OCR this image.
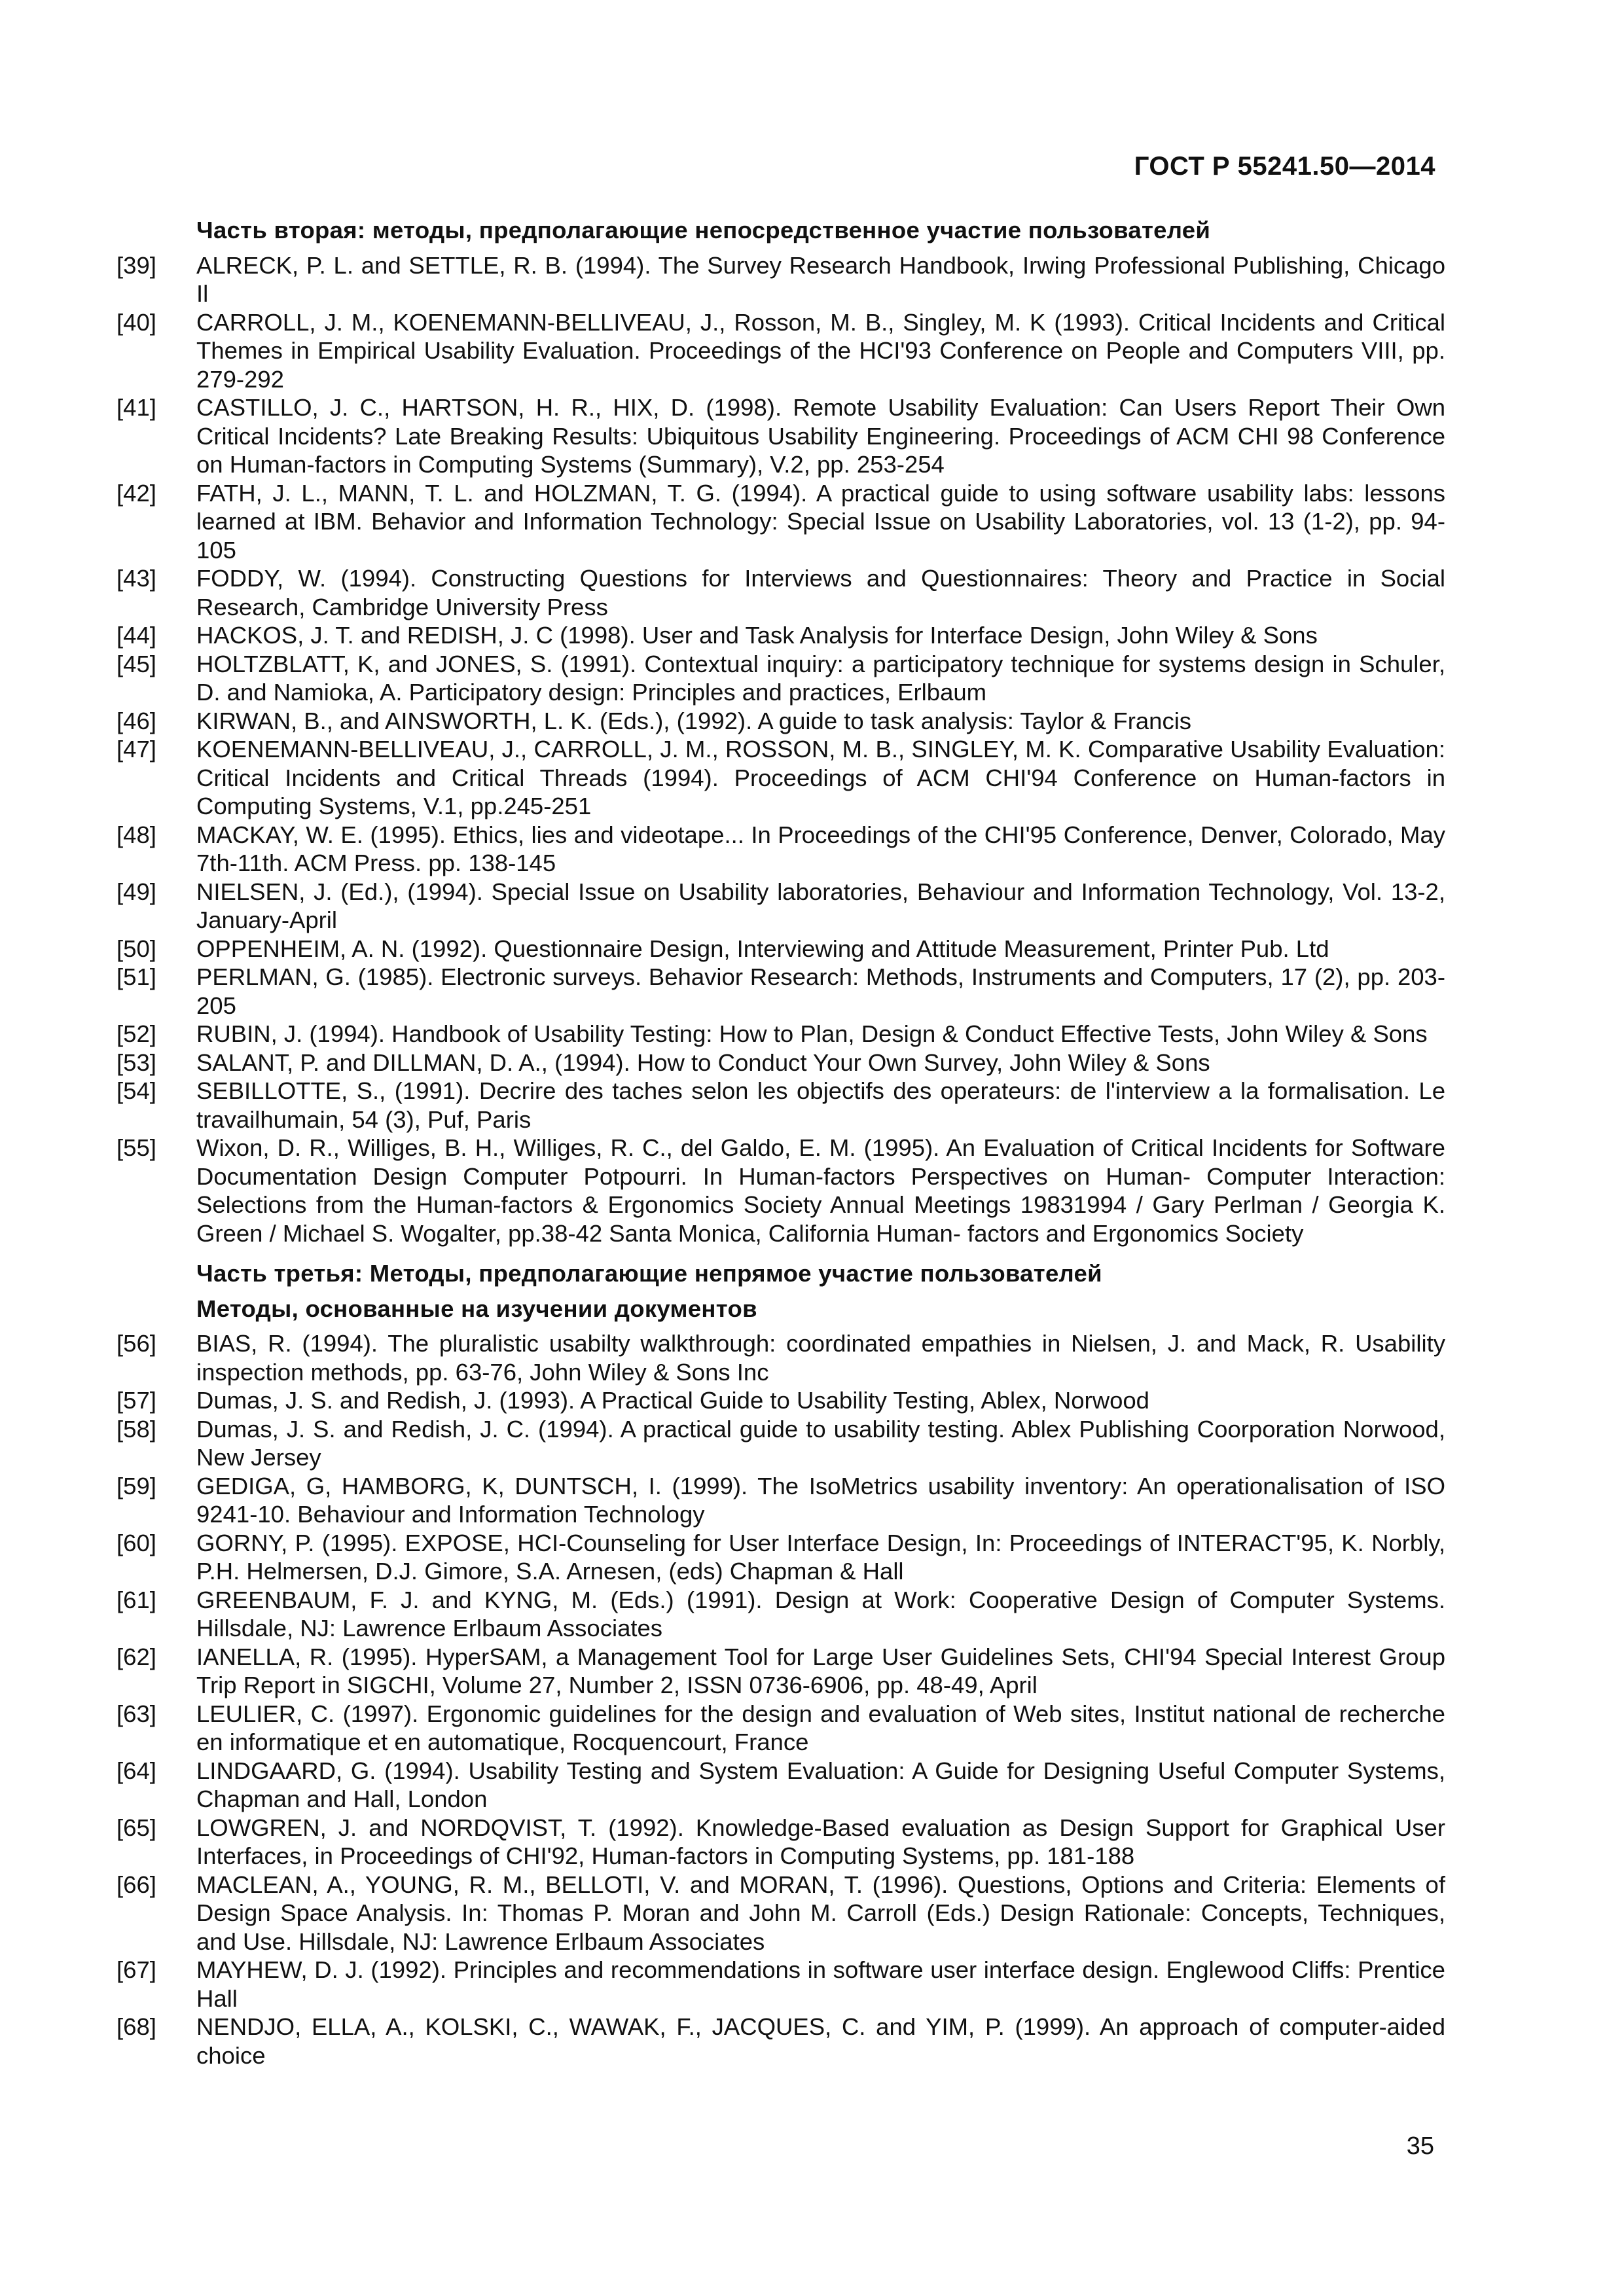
ГОСТ Р 55241.50—2014
Часть вторая: методы, предполагающие непосредственное участие пользователей
[39]	ALRECK, P. L. and SETTLE, R. B. (1994). The Survey Research Handbook, Irwing Professional Publishing, Chicago Il
[40]	CARROLL, J. M., KOENEMANN-BELLIVEAU, J., Rosson, M. B., Singley, M. K (1993). Critical Incidents and Critical Themes in Empirical Usability Evaluation. Proceedings of the HCI'93 Conference on People and Computers VIII, pp. 279-292
[41]	CASTILLO, J. C., HARTSON, H. R., HIX, D. (1998). Remote Usability Evaluation: Can Users Report Their Own Critical Incidents? Late Breaking Results: Ubiquitous Usability Engineering. Proceedings of ACM CHI 98 Conference on Human-factors in Computing Systems (Summary), V.2, pp. 253-254
[42]	FATH, J. L., MANN, T. L. and HOLZMAN, T. G. (1994). A practical guide to using software usability labs: lessons learned at IBM. Behavior and Information Technology: Special Issue on Usability Laboratories, vol. 13 (1-2), pp. 94-105
[43]	FODDY, W. (1994). Constructing Questions for Interviews and Questionnaires: Theory and Practice in Social Research, Cambridge University Press
[44]	HACKOS, J. T. and REDISH, J. C (1998). User and Task Analysis for Interface Design, John Wiley & Sons
[45]	HOLTZBLATT, K, and JONES, S. (1991). Contextual inquiry: a participatory technique for systems design in Schuler, D. and Namioka, A. Participatory design: Principles and practices, Erlbaum
[46]	KIRWAN, B., and AINSWORTH, L. K. (Eds.), (1992). A guide to task analysis: Taylor & Francis
[47]	KOENEMANN-BELLIVEAU, J., CARROLL, J. M., ROSSON, M. B., SINGLEY, M. K. Comparative Usability Evaluation: Critical Incidents and Critical Threads (1994). Proceedings of ACM CHI'94 Conference on Human-factors in Computing Systems, V.1, pp.245-251
[48]	MACKAY, W. E. (1995). Ethics, lies and videotape... In Proceedings of the CHI'95 Conference, Denver, Colorado, May 7th-11th. ACM Press. pp. 138-145
[49]	NIELSEN, J. (Ed.), (1994). Special Issue on Usability laboratories, Behaviour and Information Technology, Vol. 13-2, January-April
[50]	OPPENHEIM, A. N. (1992). Questionnaire Design, Interviewing and Attitude Measurement, Printer Pub. Ltd
[51]	PERLMAN, G. (1985). Electronic surveys. Behavior Research: Methods, Instruments and Computers, 17 (2), pp. 203-205
[52]	RUBIN, J. (1994). Handbook of Usability Testing: How to Plan, Design & Conduct Effective Tests, John Wiley & Sons
[53]	SALANT, P. and DILLMAN, D. A., (1994). How to Conduct Your Own Survey, John Wiley & Sons
[54]	SEBILLOTTE, S., (1991). Decrire des taches selon les objectifs des operateurs: de l'interview a la formalisation. Le travailhumain, 54 (3), Puf, Paris
[55]	Wixon, D. R., Williges, B. H., Williges, R. C., del Galdo, E. M. (1995). An Evaluation of Critical Incidents for Software Documentation Design Computer Potpourri. In Human-factors Perspectives on Human- Computer Interaction: Selections from the Human-factors & Ergonomics Society Annual Meetings 19831994 / Gary Perlman / Georgia K. Green / Michael S. Wogalter, pp.38-42 Santa Monica, California Human- factors and Ergonomics Society
Часть третья: Методы, предполагающие непрямое участие пользователей
Методы, основанные на изучении документов
[56]	BIAS, R. (1994). The pluralistic usabilty walkthrough: coordinated empathies in Nielsen, J. and Mack, R. Usability inspection methods, pp. 63-76, John Wiley & Sons Inc
[57]	Dumas, J. S. and Redish, J. (1993). A Practical Guide to Usability Testing, Ablex, Norwood
[58]	Dumas, J. S. and Redish, J. C. (1994). A practical guide to usability testing. Ablex Publishing Coorporation Norwood, New Jersey
[59]	GEDIGA, G, HAMBORG, K, DUNTSCH, I. (1999). The IsoMetrics usability inventory: An operationalisation of ISO 9241-10. Behaviour and Information Technology
[60]	GORNY, P. (1995). EXPOSE, HCI-Counseling for User Interface Design, In: Proceedings of INTERACT'95, K. Norbly, P.H. Helmersen, D.J. Gimore, S.A. Arnesen, (eds) Chapman & Hall
[61]	GREENBAUM, F. J. and KYNG, M. (Eds.) (1991). Design at Work: Cooperative Design of Computer Systems. Hillsdale, NJ: Lawrence Erlbaum Associates
[62]	IANELLA, R. (1995). HyperSAM, a Management Tool for Large User Guidelines Sets, CHI'94 Special Interest Group Trip Report in SIGCHI, Volume 27, Number 2, ISSN 0736-6906, pp. 48-49, April
[63]	LEULIER, C. (1997). Ergonomic guidelines for the design and evaluation of Web sites, Institut national de recherche en informatique et en automatique, Rocquencourt, France
[64]	LINDGAARD, G. (1994). Usability Testing and System Evaluation: A Guide for Designing Useful Computer Systems, Chapman and Hall, London
[65]	LOWGREN, J. and NORDQVIST, T. (1992). Knowledge-Based evaluation as Design Support for Graphical User Interfaces, in Proceedings of CHI'92, Human-factors in Computing Systems, pp. 181-188
[66]	MACLEAN, A., YOUNG, R. M., BELLOTI, V. and MORAN, T. (1996). Questions, Options and Criteria: Elements of Design Space Analysis. In: Thomas P. Moran and John M. Carroll (Eds.) Design Rationale: Concepts, Techniques, and Use. Hillsdale, NJ: Lawrence Erlbaum Associates
[67]	MAYHEW, D. J. (1992). Principles and recommendations in software user interface design. Englewood Cliffs: Prentice Hall
[68]	NENDJO, ELLA, A., KOLSKI, C., WAWAK, F., JACQUES, C. and YIM, P. (1999). An approach of computer-aided choice
35
